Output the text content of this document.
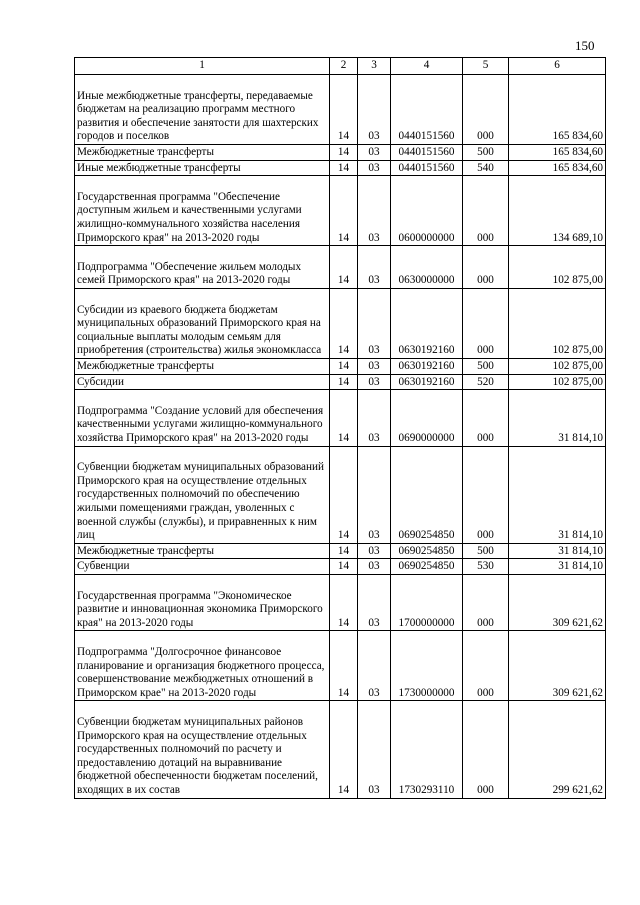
150
1	2	3	4	5	6
Иные межбюджетные трансферты, передаваемые бюджетам на реализацию программ местного развития и обеспечение занятости для шахтерских городов и поселков	14	03	0440151560	000	165 834,60
Межбюджетные трансферты	14	03	0440151560	500	165 834,60
Иные межбюджетные трансферты	14	03	0440151560	540	165 834,60
Государственная программа "Обеспечение доступным жильем и качественными услугами жилищно-коммунального хозяйства населения Приморского края" на 2013-2020 годы	14	03	0600000000	000	134 689,10
Подпрограмма "Обеспечение жильем молодых семей Приморского края" на 2013-2020 годы	14	03	0630000000	000	102 875,00
Субсидии из краевого бюджета бюджетам муниципальных образований Приморского края на социальные выплаты молодым семьям для приобретения (строительства) жилья экономкласса	14	03	0630192160	000	102 875,00
Межбюджетные трансферты	14	03	0630192160	500	102 875,00
Субсидии	14	03	0630192160	520	102 875,00
Подпрограмма "Создание условий для обеспечения качественными услугами жилищно-коммунального хозяйства Приморского края" на 2013-2020 годы	14	03	0690000000	000	31 814,10
Субвенции бюджетам муниципальных образований Приморского края на осуществление отдельных государственных полномочий по обеспечению жилыми помещениями граждан, уволенных с военной службы (службы), и приравненных к ним лиц	14	03	0690254850	000	31 814,10
Межбюджетные трансферты	14	03	0690254850	500	31 814,10
Субвенции	14	03	0690254850	530	31 814,10
Государственная программа "Экономическое развитие и инновационная экономика Приморского края" на 2013-2020 годы	14	03	1700000000	000	309 621,62
Подпрограмма "Долгосрочное финансовое планирование и организация бюджетного процесса, совершенствование межбюджетных отношений в Приморском крае" на 2013-2020 годы	14	03	1730000000	000	309 621,62
Субвенции бюджетам муниципальных районов Приморского края на осуществление отдельных государственных полномочий по расчету и предоставлению дотаций на выравнивание бюджетной обеспеченности бюджетам поселений, входящих в их состав	14	03	1730293110	000	299 621,62
